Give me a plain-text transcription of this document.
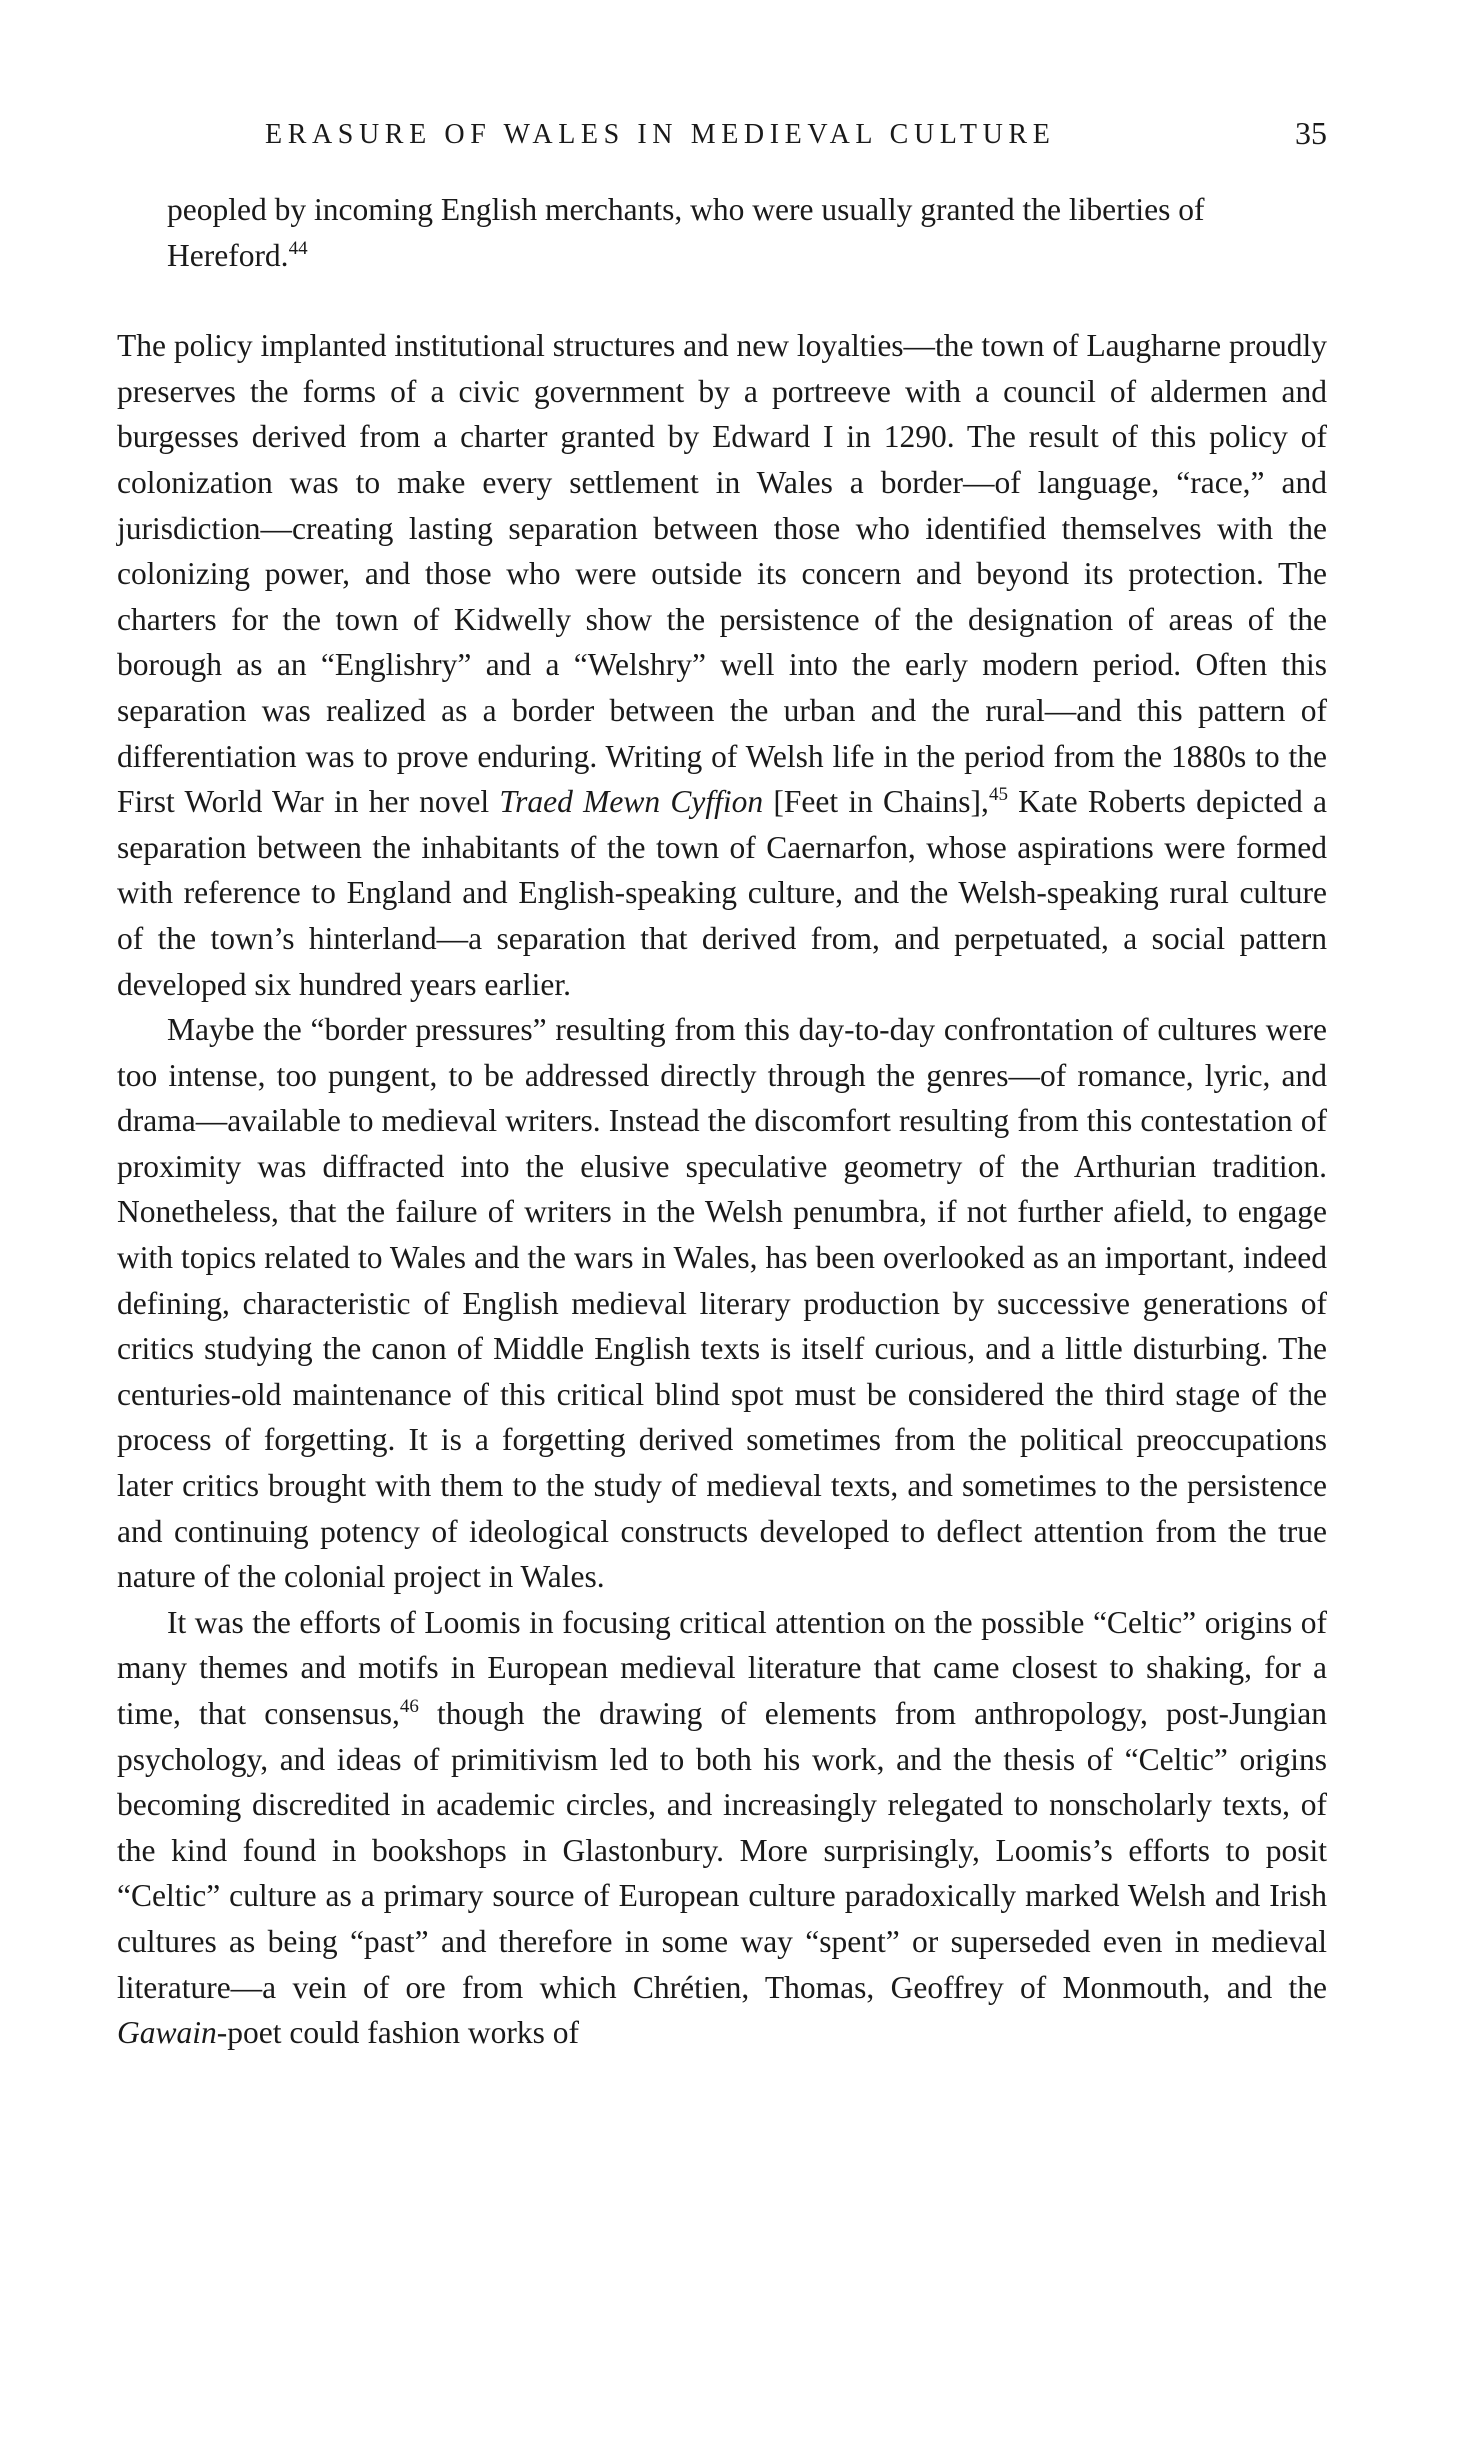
ERASURE OF WALES IN MEDIEVAL CULTURE	35

peopled by incoming English merchants, who were usually granted the liberties of Hereford.$^{44}$

The policy implanted institutional structures and new loyalties—the town of Laugharne proudly preserves the forms of a civic government by a portreeve with a council of aldermen and burgesses derived from a charter granted by Edward I in 1290. The result of this policy of colonization was to make every settlement in Wales a border—of language, “race,” and jurisdiction—creating lasting separation between those who identified themselves with the colonizing power, and those who were outside its concern and beyond its protection. The charters for the town of Kidwelly show the persistence of the designation of areas of the borough as an “Englishry” and a “Welshry” well into the early modern period. Often this separation was realized as a border between the urban and the rural—and this pattern of differentiation was to prove enduring. Writing of Welsh life in the period from the 1880s to the First World War in her novel Traed Mewn Cyffion [Feet in Chains],$^{45}$ Kate Roberts depicted a separation between the inhabitants of the town of Caernarfon, whose aspirations were formed with reference to England and English-speaking culture, and the Welsh-speaking rural culture of the town’s hinterland—a separation that derived from, and perpetuated, a social pattern developed six hundred years earlier.

Maybe the “border pressures” resulting from this day-to-day confrontation of cultures were too intense, too pungent, to be addressed directly through the genres—of romance, lyric, and drama—available to medieval writers. Instead the discomfort resulting from this contestation of proximity was diffracted into the elusive speculative geometry of the Arthurian tradition. Nonetheless, that the failure of writers in the Welsh penumbra, if not further afield, to engage with topics related to Wales and the wars in Wales, has been overlooked as an important, indeed defining, characteristic of English medieval literary production by successive generations of critics studying the canon of Middle English texts is itself curious, and a little disturbing. The centuries-old maintenance of this critical blind spot must be considered the third stage of the process of forgetting. It is a forgetting derived sometimes from the political preoccupations later critics brought with them to the study of medieval texts, and sometimes to the persistence and continuing potency of ideological constructs developed to deflect attention from the true nature of the colonial project in Wales.

It was the efforts of Loomis in focusing critical attention on the possible “Celtic” origins of many themes and motifs in European medieval literature that came closest to shaking, for a time, that consensus,$^{46}$ though the drawing of elements from anthropology, post-Jungian psychology, and ideas of primitivism led to both his work, and the thesis of “Celtic” origins becoming discredited in academic circles, and increasingly relegated to nonscholarly texts, of the kind found in bookshops in Glastonbury. More surprisingly, Loomis’s efforts to posit “Celtic” culture as a primary source of European culture paradoxically marked Welsh and Irish cultures as being “past” and therefore in some way “spent” or superseded even in medieval literature—a vein of ore from which Chrétien, Thomas, Geoffrey of Monmouth, and the Gawain-poet could fashion works of
